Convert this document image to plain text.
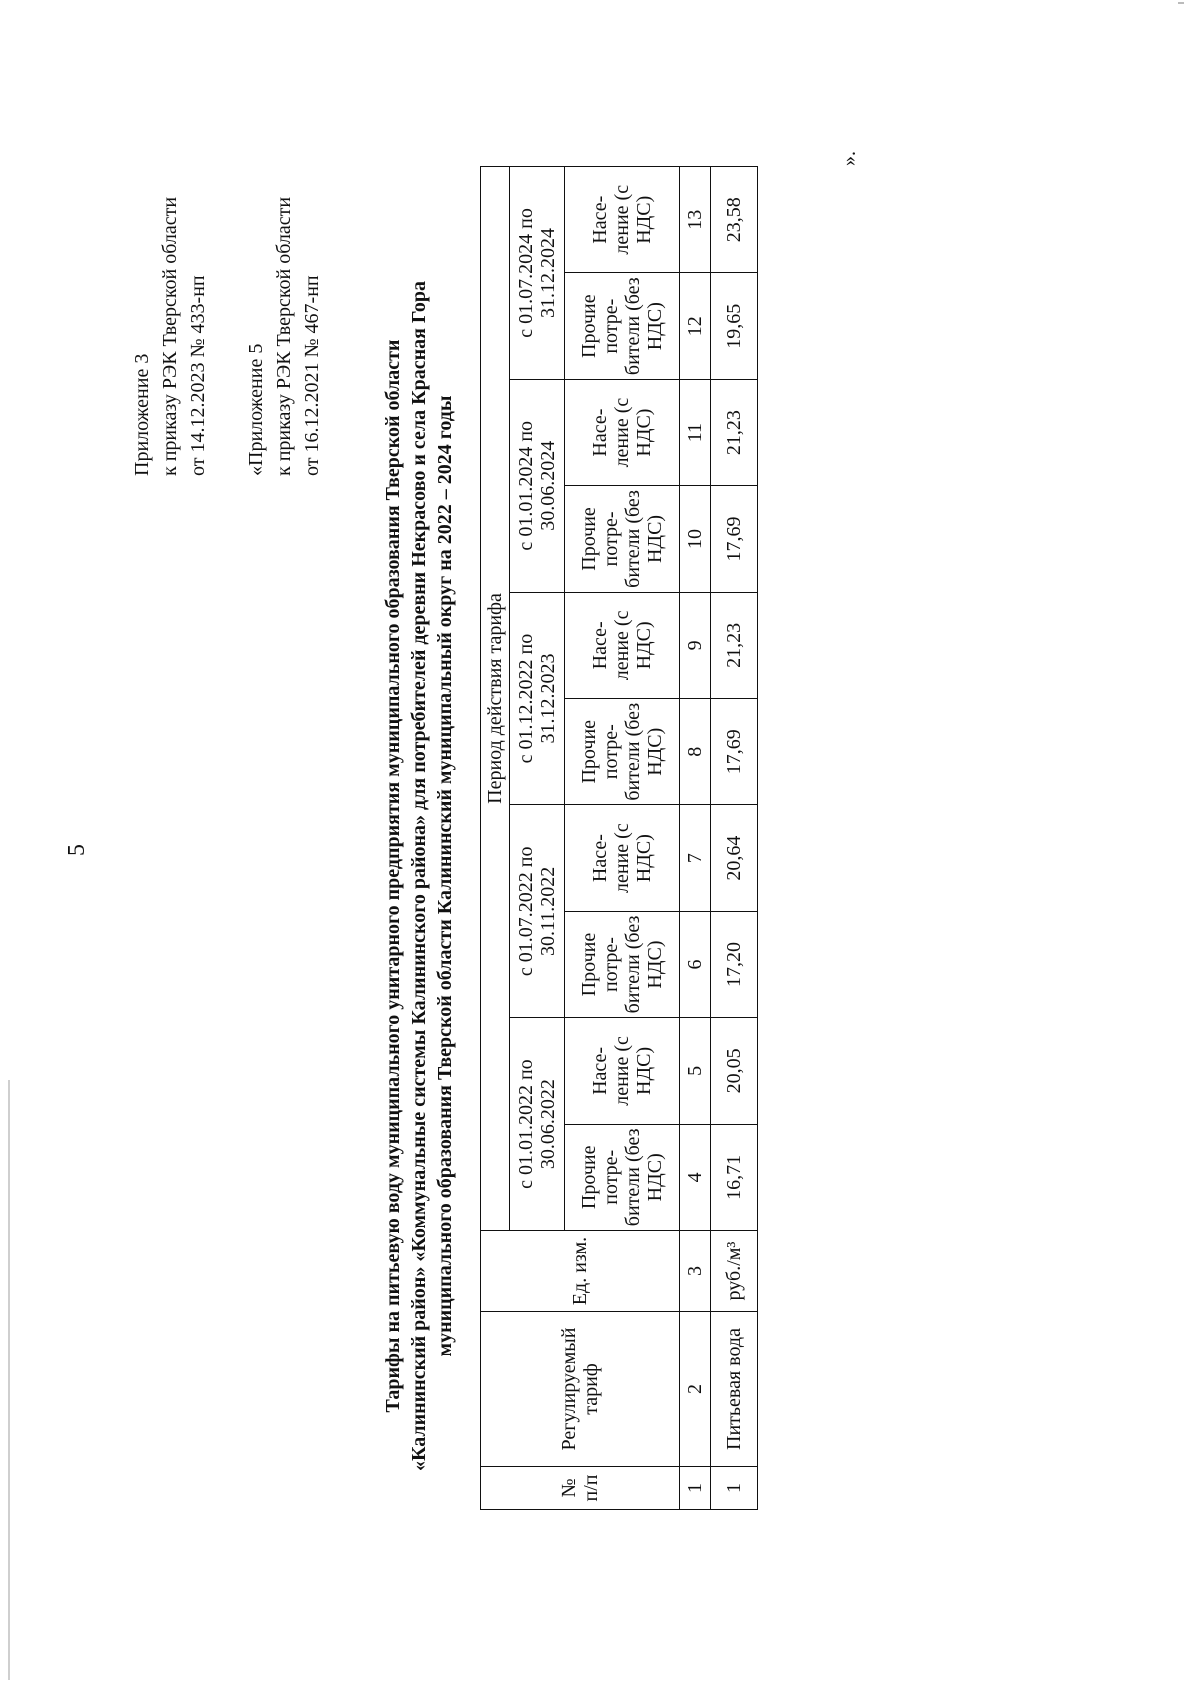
5
Приложение 3 к приказу РЭК Тверской области от 14.12.2023 № 433-нп «Приложение 5 к приказу РЭК Тверской области от 16.12.2021 № 467-нп	Тарифы на питьевую воду муниципального унитарного предприятия муниципального образования Тверской области «Калининский район» «Коммунальные системы Калининского района» для потребителей деревни Некрасово и села Красная Гора муниципального образования Тверской области Калининский муниципальный округ на 2022 – 2024 годы
№ п/п	Регулируемый тариф	Ед. изм.	Период действия тарифа									
			с 01.01.2022 по 30.06.2022		с 01.07.2022 по 30.11.2022		с 01.12.2022 по 31.12.2023		с 01.01.2024 по 30.06.2024		с 01.07.2024 по 31.12.2024	
			Прочие потре- бители (без НДС)	Насе- ление (с НДС)	Прочие потре- бители (без НДС)	Насе- ление (с НДС)	Прочие потре- бители (без НДС)	Насе- ление (с НДС)	Прочие потре- бители (без НДС)	Насе- ление (с НДС)	Прочие потре- бители (без НДС)	Насе- ление (с НДС)
1	2	3	4	5	6	7	8	9	10	11	12	13
1	Питьевая вода	руб./м³	16,71	20,05	17,20	20,64	17,69	21,23	17,69	21,23	19,65	23,58
».
